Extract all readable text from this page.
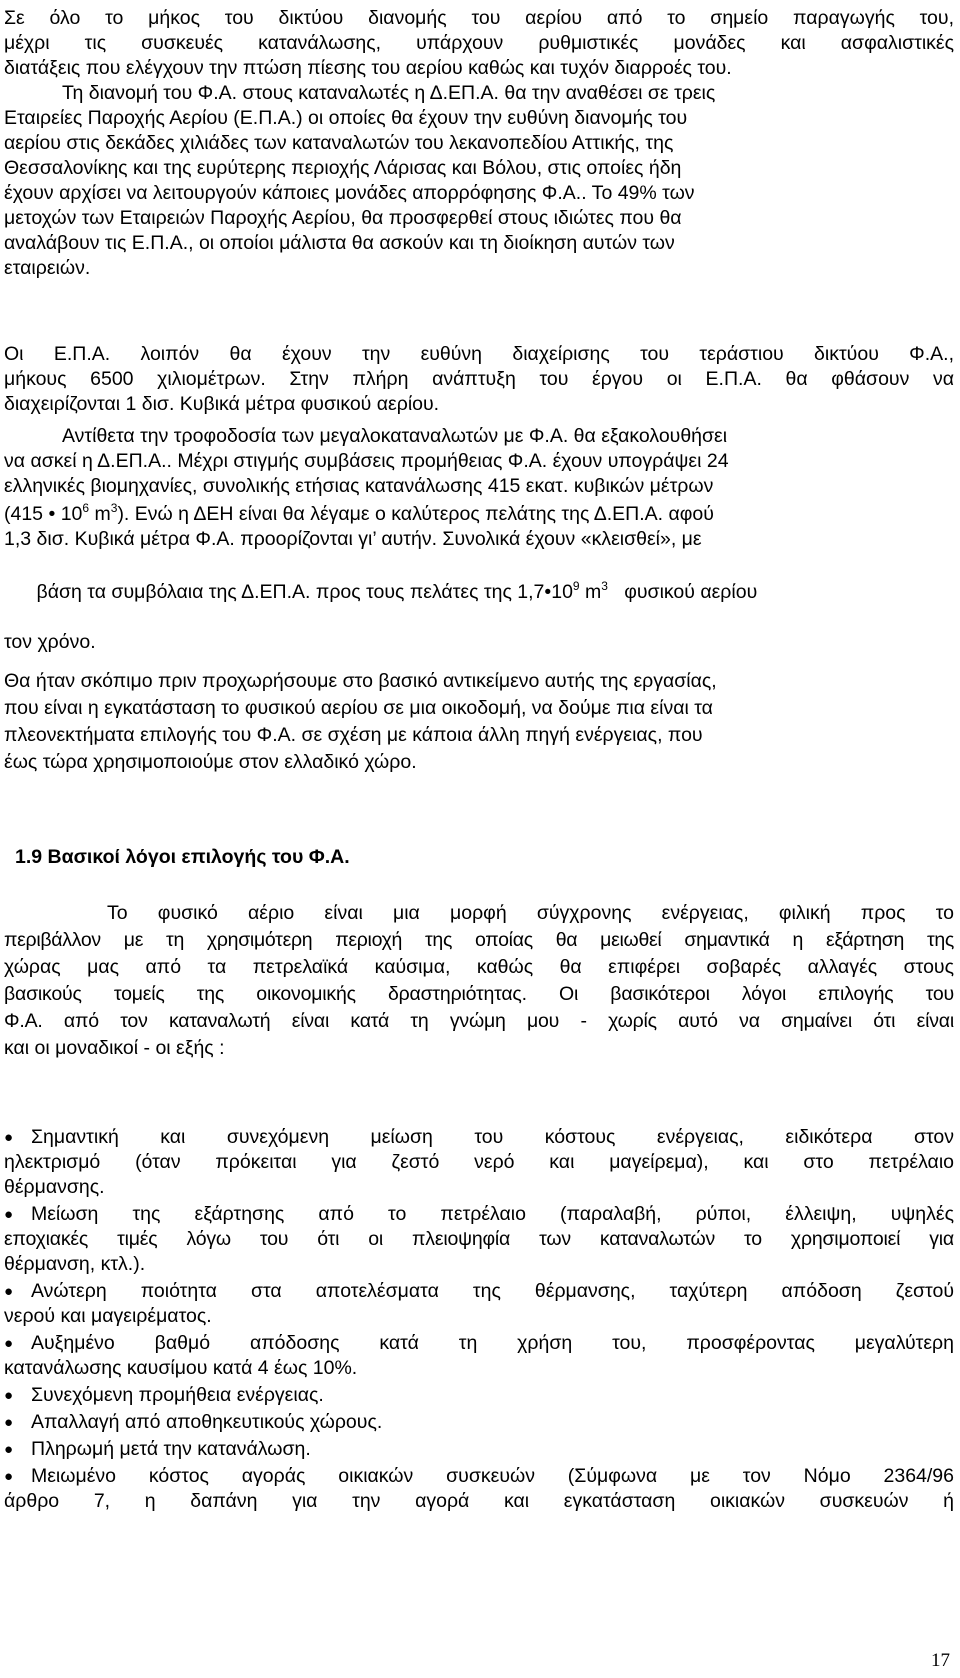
Σε όλο το μήκος του δικτύου διανομής του αερίου από το σημείο παραγωγής του,
μέχρι τις συσκευές κατανάλωσης, υπάρχουν ρυθμιστικές μονάδες και ασφαλιστικές
διατάξεις που ελέγχουν την πτώση πίεσης του αερίου καθώς και τυχόν διαρροές του.
Τη διανομή του Φ.Α. στους καταναλωτές η Δ.ΕΠ.Α. θα την αναθέσει σε τρεις
Εταιρείες Παροχής Αερίου (Ε.Π.Α.) οι οποίες θα έχουν την ευθύνη διανομής του
αερίου στις δεκάδες χιλιάδες των καταναλωτών του λεκανοπεδίου Αττικής, της
Θεσσαλονίκης και της ευρύτερης περιοχής Λάρισας και Βόλου, στις οποίες ήδη
έχουν αρχίσει να λειτουργούν κάποιες μονάδες απορρόφησης Φ.Α.. Το 49% των
μετοχών των Εταιρειών Παροχής Αερίου, θα προσφερθεί στους ιδιώτες που θα
αναλάβουν τις Ε.Π.Α., οι οποίοι μάλιστα θα ασκούν και τη διοίκηση αυτών των
εταιρειών.
Οι Ε.Π.Α. λοιπόν θα έχουν την ευθύνη διαχείρισης του τεράστιου δικτύου Φ.Α.,
μήκους 6500 χιλιομέτρων. Στην πλήρη ανάπτυξη του έργου οι Ε.Π.Α. θα φθάσουν να
διαχειρίζονται 1 δισ. Κυβικά μέτρα φυσικού αερίου.
Αντίθετα την τροφοδοσία των μεγαλοκαταναλωτών με Φ.Α. θα εξακολουθήσει
να ασκεί η Δ.ΕΠ.Α.. Μέχρι στιγμής συμβάσεις προμήθειας Φ.Α. έχουν υπογράψει 24
ελληνικές βιομηχανίες, συνολικής ετήσιας κατανάλωσης 415 εκατ. κυβικών μέτρων
(415 • $10^6$ $m^3$). Ενώ η ΔΕΗ είναι θα λέγαμε ο καλύτερος πελάτης της Δ.ΕΠ.Α. αφού
1,3 δισ. Κυβικά μέτρα Φ.Α. προορίζονται γι’ αυτήν. Συνολικά έχουν «κλεισθεί», με

βάση τα συμβόλαια της Δ.ΕΠ.Α. προς τους πελάτες της $1,7•10^9$ $m^3$   φυσικού αερίου

τον χρόνο.
Θα ήταν σκόπιμο πριν προχωρήσουμε στο βασικό αντικείμενο αυτής της εργασίας,
που είναι η εγκατάσταση το φυσικού αερίου σε μια οικοδομή, να δούμε πια είναι τα
πλεονεκτήματα επιλογής του Φ.Α. σε σχέση με κάποια άλλη πηγή ενέργειας, που
έως τώρα χρησιμοποιούμε στον ελλαδικό χώρο.
1.9 Βασικοί λόγοι επιλογής του Φ.Α.
Το φυσικό αέριο είναι μια μορφή σύγχρονης ενέργειας, φιλική προς το
περιβάλλον με τη χρησιμότερη περιοχή της οποίας θα μειωθεί σημαντικά η εξάρτηση της
χώρας μας από τα πετρελαϊκά καύσιμα, καθώς θα επιφέρει σοβαρές αλλαγές στους
βασικούς τομείς της οικονομικής δραστηριότητας. Οι βασικότεροι λόγοι επιλογής του
Φ.Α. από τον καταναλωτή είναι κατά τη γνώμη μου - χωρίς αυτό να σημαίνει ότι είναι
και οι μοναδικοί - οι εξής :
● Σημαντική και συνεχόμενη μείωση του κόστους ενέργειας, ειδικότερα στον
ηλεκτρισμό (όταν πρόκειται για ζεστό νερό και μαγείρεμα), και στο πετρέλαιο
θέρμανσης.
● Μείωση της εξάρτησης από το πετρέλαιο (παραλαβή, ρύποι, έλλειψη, υψηλές
εποχιακές τιμές λόγω του ότι οι πλειοψηφία των καταναλωτών το χρησιμοποιεί για
θέρμανση, κτλ.).
● Ανώτερη ποιότητα στα αποτελέσματα της θέρμανσης, ταχύτερη απόδοση ζεστού
νερού και μαγειρέματος.
● Αυξημένο βαθμό απόδοσης κατά τη χρήση του, προσφέροντας μεγαλύτερη
κατανάλωσης καυσίμου κατά 4 έως 10%.
● Συνεχόμενη προμήθεια ενέργειας.
● Απαλλαγή από αποθηκευτικούς χώρους.
● Πληρωμή μετά την κατανάλωση.
● Μειωμένο κόστος αγοράς οικιακών συσκευών (Σύμφωνα με τον Νόμο 2364/96
άρθρο 7, η δαπάνη για την αγορά και εγκατάσταση οικιακών συσκευών ή
17
